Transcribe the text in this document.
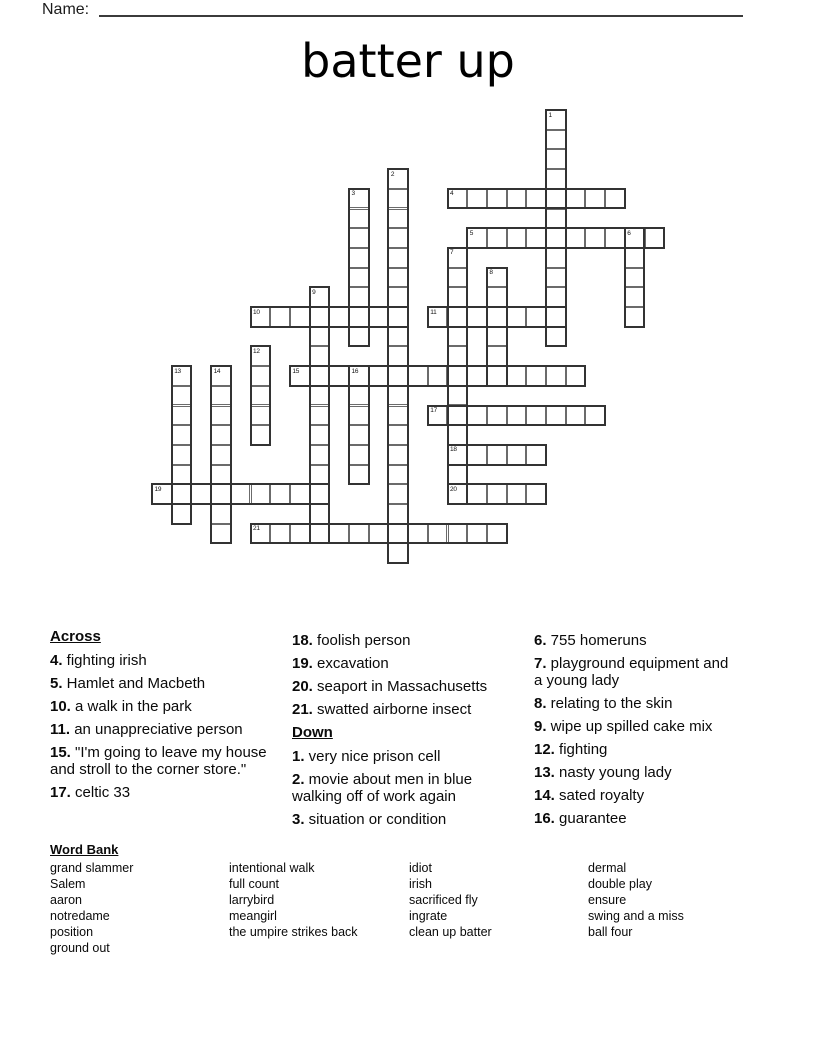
Name:
batter up
1
2
3	4
5	6
7
18
20
8
9
10	11
12
13	14	15	16
17
19
21
Across
4. fighting irish
5. Hamlet and Macbeth
10. a walk in the park
11. an unappreciative person
15. "I'm going to leave my house and stroll to the corner store."
17. celtic 33
18. foolish person
19. excavation
20. seaport in Massachusetts
21. swatted airborne insect
Down
1. very nice prison cell
2. movie about men in blue walking off of work again
3. situation or condition
6. 755 homeruns
7. playground equipment and a young lady
8. relating to the skin
9. wipe up spilled cake mix
12. fighting
13. nasty young lady
14. sated royalty
16. guarantee
Word Bank
grand slammer
Salem
aaron
notredame
position
ground out
intentional walk
full count
larrybird
meangirl
the umpire strikes back
idiot
irish
sacrificed fly
ingrate
clean up batter
dermal
double play
ensure
swing and a miss
ball four
